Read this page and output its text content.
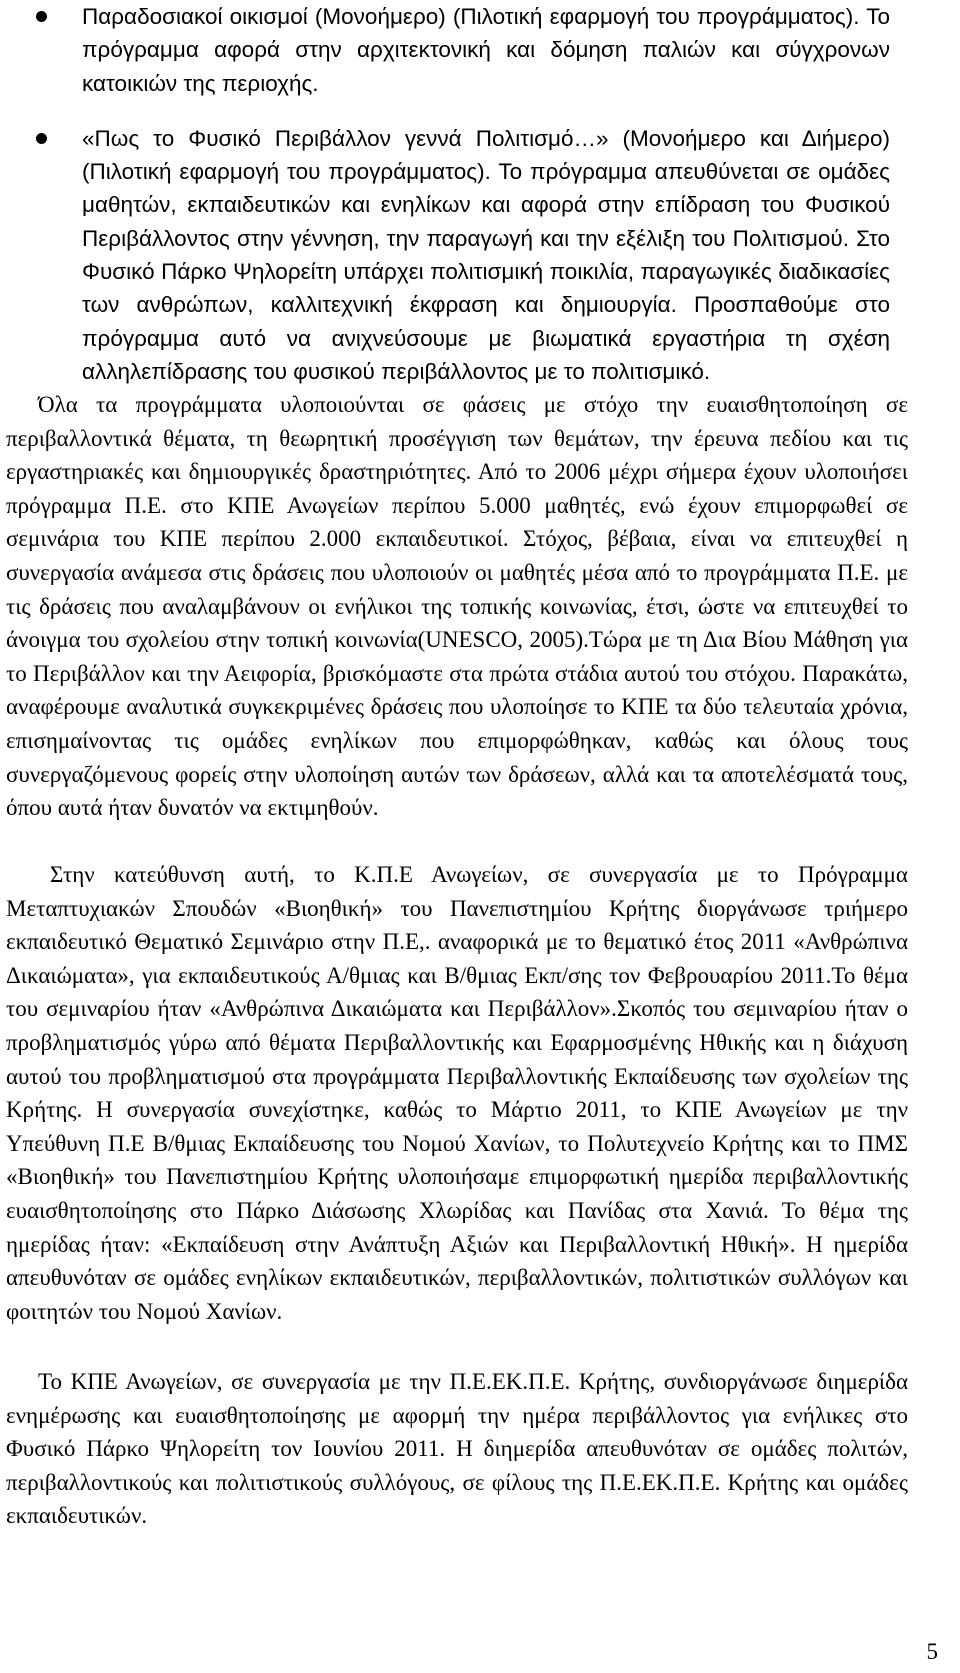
Παραδοσιακοί οικισμοί (Μονοήμερο) (Πιλοτική εφαρμογή του προγράμματος). Το πρόγραμμα αφορά στην αρχιτεκτονική και δόμηση παλιών και σύγχρονων κατοικιών της περιοχής.

«Πως το Φυσικό Περιβάλλον γεννά Πολιτισμό…» (Μονοήμερο και Διήμερο) (Πιλοτική εφαρμογή του προγράμματος). Το πρόγραμμα απευθύνεται σε ομάδες μαθητών, εκπαιδευτικών και ενηλίκων και αφορά στην επίδραση του Φυσικού Περιβάλλοντος στην γέννηση, την παραγωγή και την εξέλιξη του Πολιτισμού. Στο Φυσικό Πάρκο Ψηλορείτη υπάρχει πολιτισμική ποικιλία, παραγωγικές διαδικασίες των ανθρώπων, καλλιτεχνική έκφραση και δημιουργία. Προσπαθούμε στο πρόγραμμα αυτό να ανιχνεύσουμε με βιωματικά εργαστήρια τη σχέση αλληλεπίδρασης του φυσικού περιβάλλοντος με το πολιτισμικό.

Όλα τα προγράμματα υλοποιούνται σε φάσεις με στόχο την ευαισθητοποίηση σε περιβαλλοντικά θέματα, τη θεωρητική προσέγγιση των θεμάτων, την έρευνα πεδίου και τις εργαστηριακές και δημιουργικές δραστηριότητες. Από το 2006 μέχρι σήμερα έχουν υλοποιήσει πρόγραμμα Π.Ε. στο ΚΠΕ Ανωγείων περίπου 5.000 μαθητές, ενώ έχουν επιμορφωθεί σε σεμινάρια του ΚΠΕ περίπου 2.000 εκπαιδευτικοί. Στόχος, βέβαια, είναι να επιτευχθεί η συνεργασία ανάμεσα στις δράσεις που υλοποιούν οι μαθητές μέσα από το προγράμματα Π.Ε. με τις δράσεις που αναλαμβάνουν οι ενήλικοι της τοπικής κοινωνίας, έτσι, ώστε να επιτευχθεί το άνοιγμα του σχολείου στην τοπική κοινωνία(UNESCO, 2005).Τώρα με τη Δια Βίου Μάθηση για το Περιβάλλον και την Αειφορία, βρισκόμαστε στα πρώτα στάδια αυτού του στόχου. Παρακάτω, αναφέρουμε αναλυτικά συγκεκριμένες δράσεις που υλοποίησε το ΚΠΕ τα δύο τελευταία χρόνια, επισημαίνοντας τις ομάδες ενηλίκων που επιμορφώθηκαν, καθώς και όλους τους συνεργαζόμενους φορείς στην υλοποίηση αυτών των δράσεων, αλλά και τα αποτελέσματά τους, όπου αυτά ήταν δυνατόν να εκτιμηθούν.

Στην κατεύθυνση αυτή, το Κ.Π.Ε Ανωγείων, σε συνεργασία με το Πρόγραμμα Μεταπτυχιακών Σπουδών «Βιοηθική» του Πανεπιστημίου Κρήτης διοργάνωσε τριήμερο εκπαιδευτικό Θεματικό Σεμινάριο στην Π.Ε,. αναφορικά με το θεματικό έτος 2011 «Ανθρώπινα Δικαιώματα», για εκπαιδευτικούς Α/θμιας και Β/θμιας Εκπ/σης τον Φεβρουαρίου 2011.Το θέμα του σεμιναρίου ήταν «Ανθρώπινα Δικαιώματα και Περιβάλλον».Σκοπός του σεμιναρίου ήταν ο προβληματισμός γύρω από θέματα Περιβαλλοντικής και Εφαρμοσμένης Ηθικής και η διάχυση αυτού του προβληματισμού στα προγράμματα Περιβαλλοντικής Εκπαίδευσης των σχολείων της Κρήτης. Η συνεργασία συνεχίστηκε, καθώς το Μάρτιο 2011, το ΚΠΕ Ανωγείων με την Υπεύθυνη Π.Ε Β/θμιας Εκπαίδευσης του Νομού Χανίων, το Πολυτεχνείο Κρήτης και το ΠΜΣ «Βιοηθική» του Πανεπιστημίου Κρήτης υλοποιήσαμε επιμορφωτική ημερίδα περιβαλλοντικής ευαισθητοποίησης στο Πάρκο Διάσωσης Χλωρίδας και Πανίδας στα Χανιά. Το θέμα της ημερίδας ήταν: «Εκπαίδευση στην Ανάπτυξη Αξιών και Περιβαλλοντική Ηθική». Η ημερίδα απευθυνόταν σε ομάδες ενηλίκων εκπαιδευτικών, περιβαλλοντικών, πολιτιστικών συλλόγων και φοιτητών του Νομού Χανίων.

Το ΚΠΕ Ανωγείων, σε συνεργασία με την Π.Ε.ΕΚ.Π.Ε. Κρήτης, συνδιοργάνωσε διημερίδα ενημέρωσης και ευαισθητοποίησης με αφορμή την ημέρα περιβάλλοντος για ενήλικες στο Φυσικό Πάρκο Ψηλορείτη τον Ιουνίου 2011. Η διημερίδα απευθυνόταν σε ομάδες πολιτών, περιβαλλοντικούς και πολιτιστικούς συλλόγους, σε φίλους της Π.Ε.ΕΚ.Π.Ε. Κρήτης και ομάδες εκπαιδευτικών.

5
